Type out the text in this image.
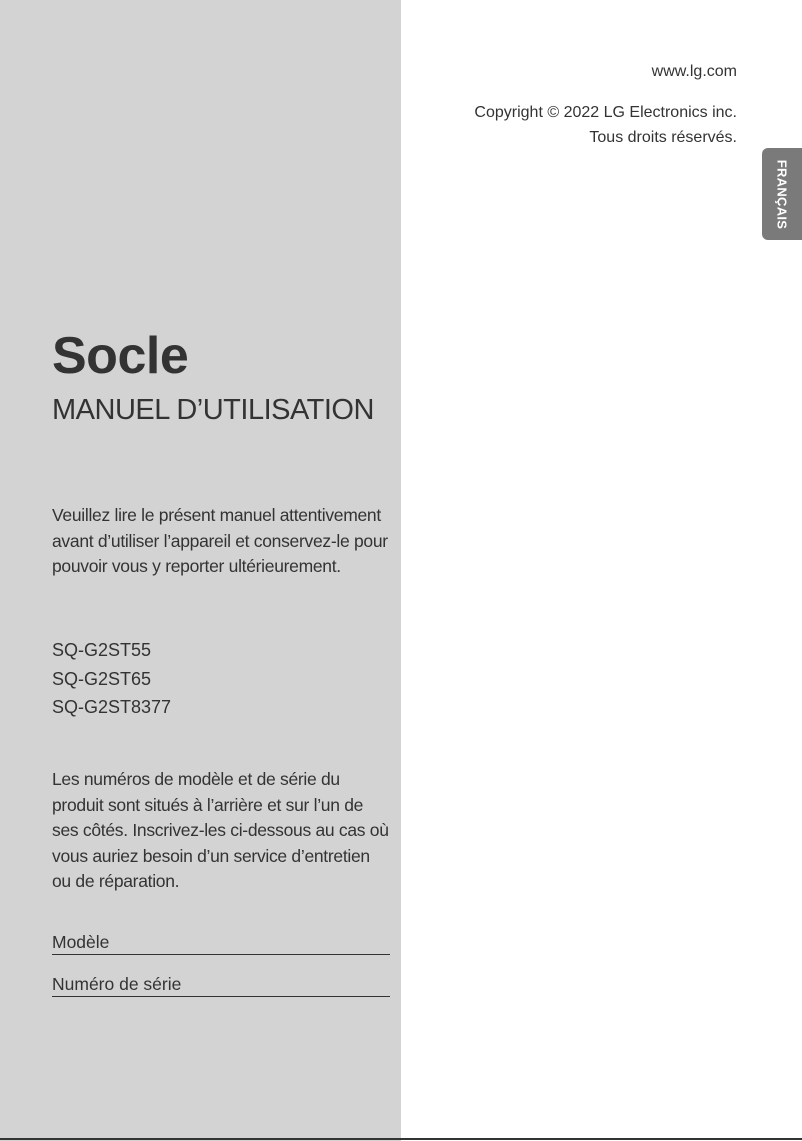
www.lg.com
Copyright © 2022 LG Electronics inc.
Tous droits réservés.
FRANÇAIS
Socle
MANUEL D’UTILISATION
Veuillez lire le présent manuel attentivement avant d’utiliser l’appareil et conservez-le pour pouvoir vous y reporter ultérieurement.
SQ-G2ST55
SQ-G2ST65
SQ-G2ST8377
Les numéros de modèle et de série du produit sont situés à l’arrière et sur l’un de ses côtés. Inscrivez-les ci-dessous au cas où vous auriez besoin d’un service d’entretien ou de réparation.
Modèle
Numéro de série
